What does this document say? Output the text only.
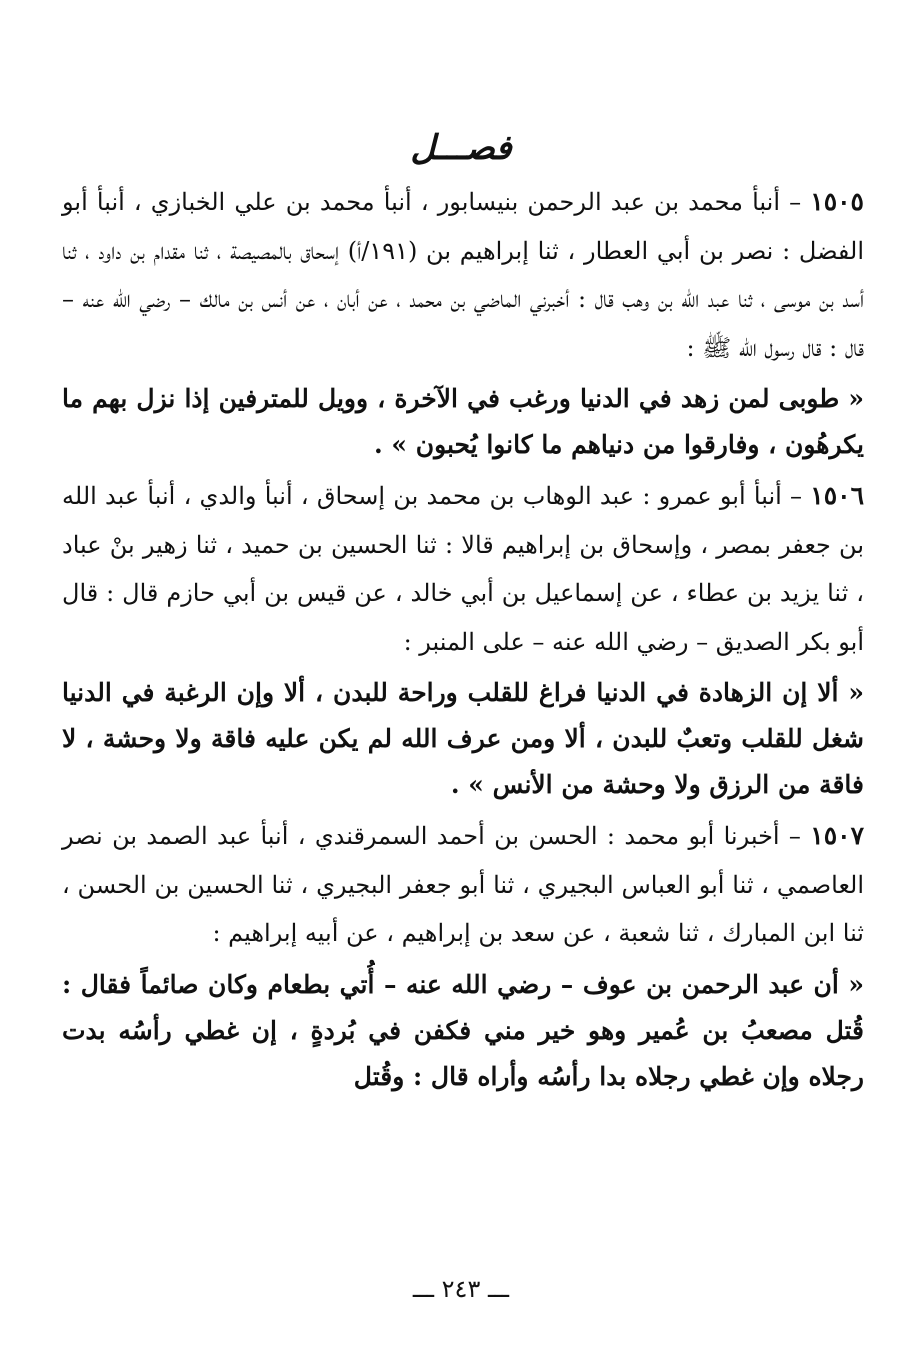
فصـــل

١٥٠٥ – أنبأ محمد بن عبد الرحمن بنيسابور ، أنبأ محمد بن علي الخبازي ، أنبأ أبو الفضل : نصر بن أبي العطار ، ثنا إبراهيم بن (١٩١/أ) إسحاق بالمصيصة ، ثنا مقدام بن داود ، ثنا أسد بن موسى ، ثنا عبد الله بن وهب قال : أخبرني الماضي بن محمد ، عن أبان ، عن أنس بن مالك – رضي الله عنه – قال : قال رسول الله ﷺ :

« طوبى لمن زهد في الدنيا ورغب في الآخرة ، وويل للمترفين إذا نزل بهم ما يكرهُون ، وفارقوا من دنياهم ما كانوا يُحبون » .

١٥٠٦ – أنبأ أبو عمرو : عبد الوهاب بن محمد بن إسحاق ، أنبأ والدي ، أنبأ عبد الله بن جعفر بمصر ، وإسحاق بن إبراهيم قالا : ثنا الحسين بن حميد ، ثنا زهير بنْ عباد ، ثنا يزيد بن عطاء ، عن إسماعيل بن أبي خالد ، عن قيس بن أبي حازم قال : قال أبو بكر الصديق – رضي الله عنه – على المنبر :

« ألا إن الزهادة في الدنيا فراغ للقلب وراحة للبدن ، ألا وإن الرغبة في الدنيا شغل للقلب وتعبٌ للبدن ، ألا ومن عرف الله لم يكن عليه فاقة ولا وحشة ، لا فاقة من الرزق ولا وحشة من الأنس » .

١٥٠٧ – أخبرنا أبو محمد : الحسن بن أحمد السمرقندي ، أنبأ عبد الصمد بن نصر العاصمي ، ثنا أبو العباس البجيري ، ثنا أبو جعفر البجيري ، ثنا الحسين بن الحسن ، ثنا ابن المبارك ، ثنا شعبة ، عن سعد بن إبراهيم ، عن أبيه إبراهيم :

« أن عبد الرحمن بن عوف – رضي الله عنه – أُتي بطعام وكان صائماً فقال : قُتل مصعبُ بن عُمير وهو خير مني فكفن في بُردةٍ ، إن غطي رأسُه بدت رجلاه وإن غطي رجلاه بدا رأسُه وأراه قال : وقُتل

ـــ ٢٤٣ ـــ
